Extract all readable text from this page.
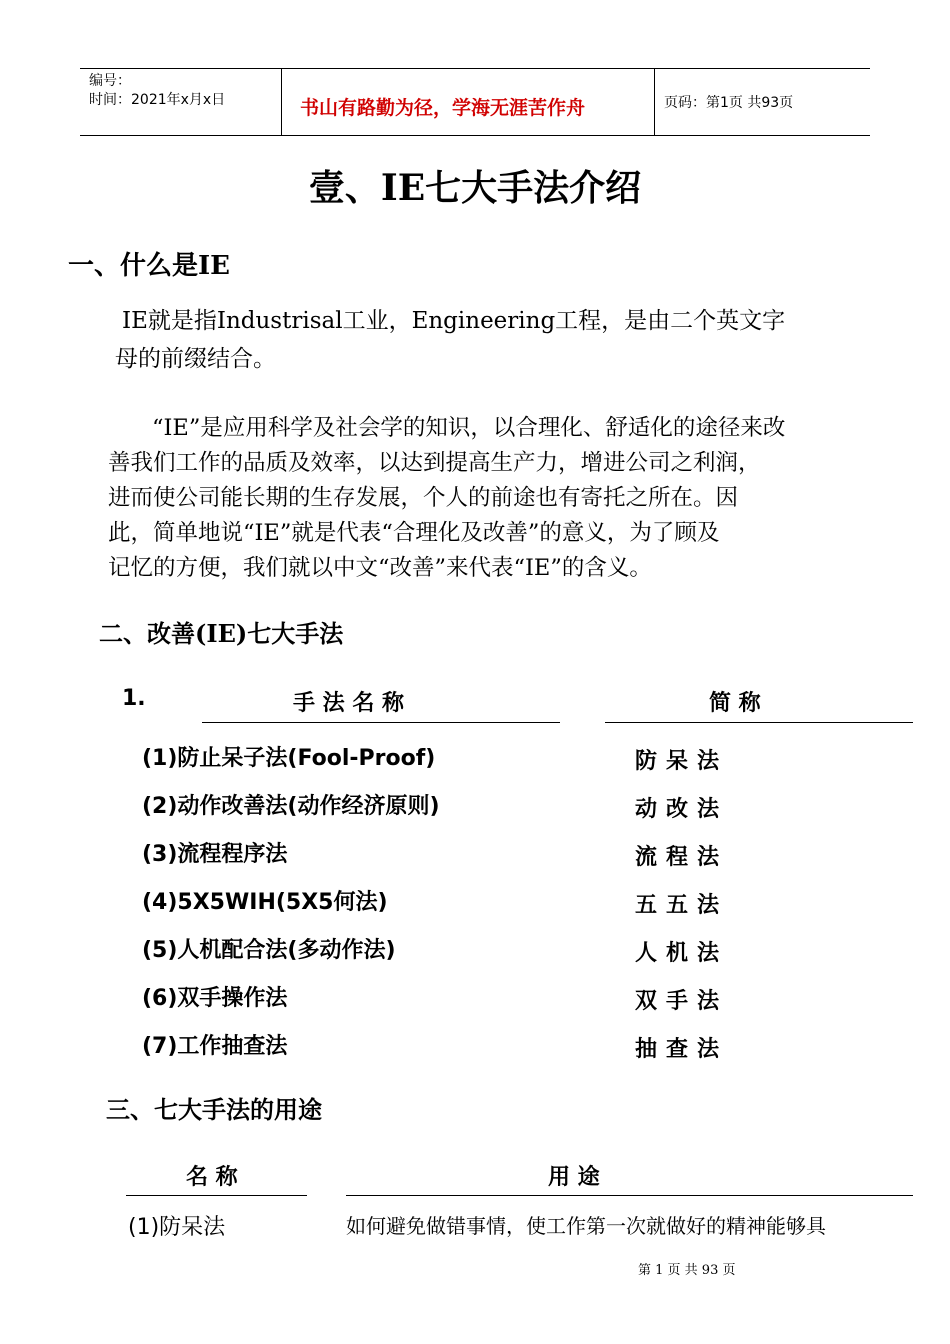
编号：
时间：2021年x月x日	书山有路勤为径，学海无涯苦作舟	页码：第1页 共93页
壹、IE七大手法介绍
一、什么是IE
IE就是指Industrisal工业，Engineering工程，是由二个英文字
母的前缀结合。
“IE”是应用科学及社会学的知识，以合理化、舒适化的途径来改
善我们工作的品质及效率，以达到提高生产力，增进公司之利润，
进而使公司能长期的生存发展，个人的前途也有寄托之所在。因
此，简单地说“IE”就是代表“合理化及改善”的意义，为了顾及
记忆的方便，我们就以中文“改善”来代表“IE”的含义。
二、改善(IE)七大手法
1.	手 法 名 称	简 称
(1)防止呆子法(Fool-Proof)	防呆法
(2)动作改善法(动作经济原则)	动改法
(3)流程程序法	流程法
(4)5X5WIH(5X5何法)	五五法
(5)人机配合法(多动作法)	人机法
(6)双手操作法	双手法
(7)工作抽查法	抽查法
三、七大手法的用途
名 称	用 途
(1)防呆法	如何避免做错事情，使工作第一次就做好的精神能够具
第 1 页 共 93 页
